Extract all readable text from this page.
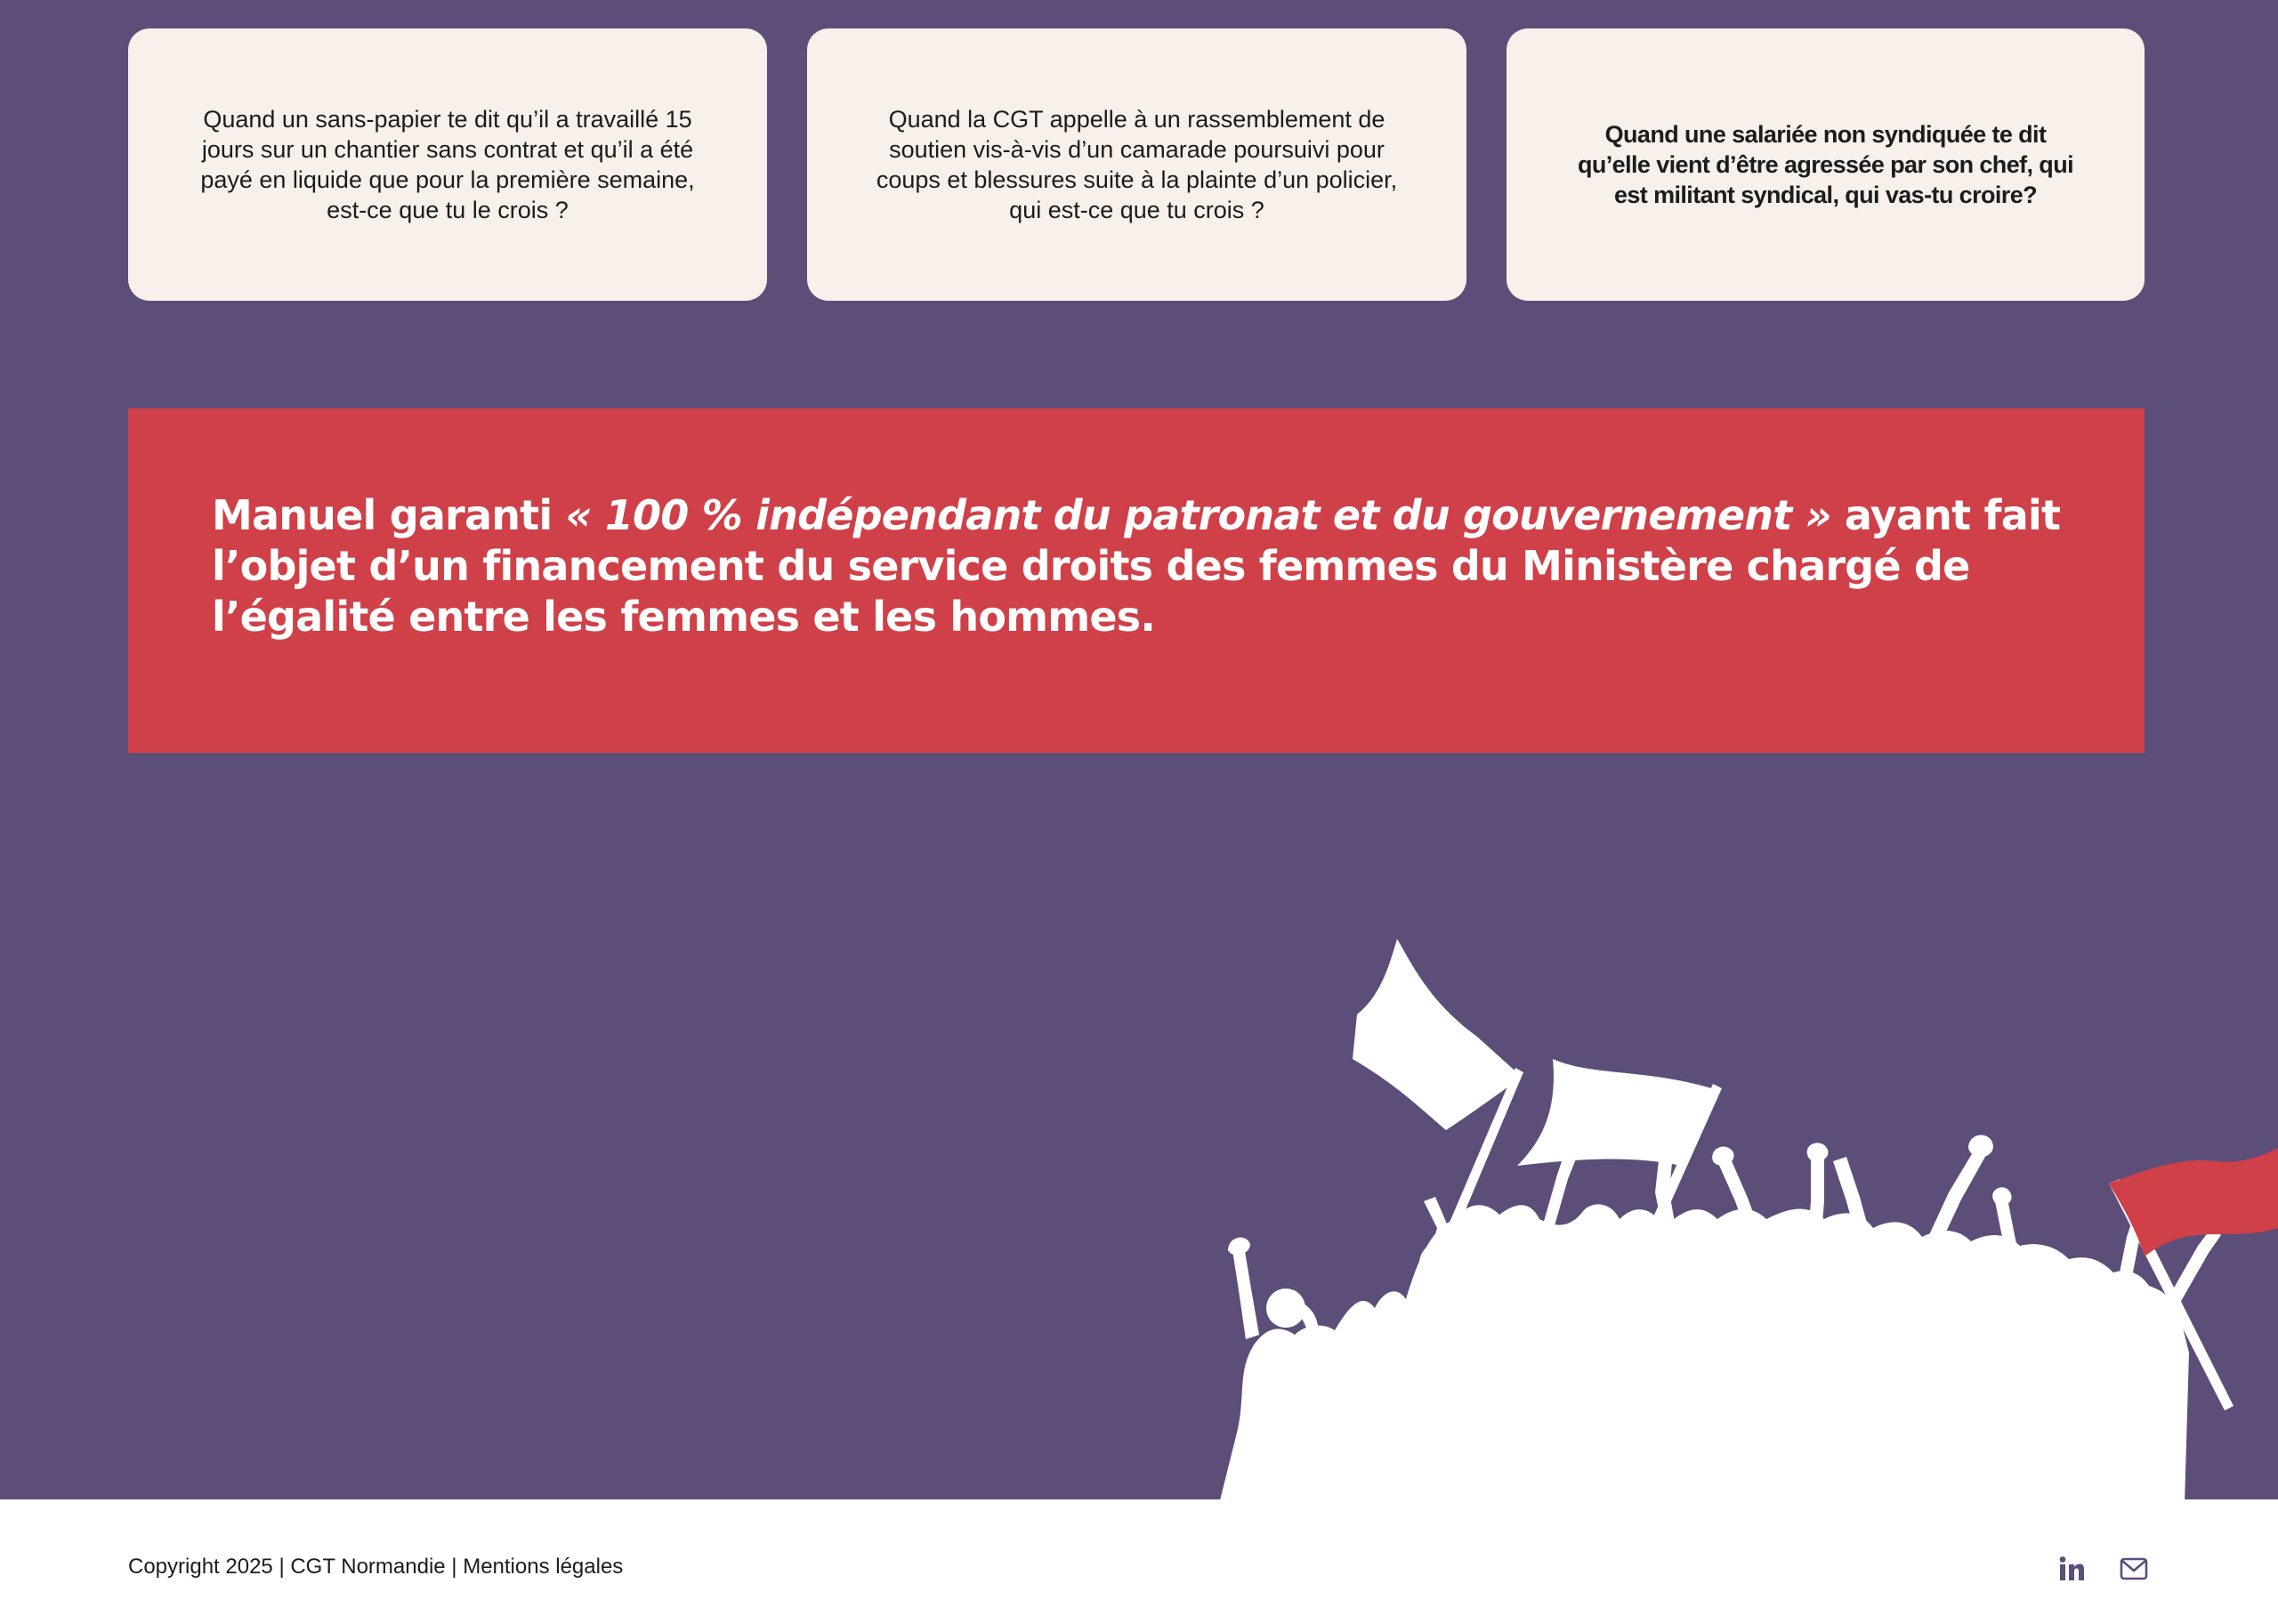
Quand un sans-papier te dit qu’il a travaillé 15 jours sur un chantier sans contrat et qu’il a été payé en liquide que pour la première semaine, est-ce que tu le crois ?

Quand la CGT appelle à un rassemblement de soutien vis-à-vis d’un camarade poursuivi pour coups et blessures suite à la plainte d’un policier, qui est-ce que tu crois ?

Quand une salariée non syndiquée te dit qu’elle vient d’être agressée par son chef, qui est militant syndical, qui vas-tu croire?

Manuel garanti « 100 % indépendant du patronat et du gouvernement » ayant fait l’objet d’un financement du service droits des femmes du Ministère chargé de l’égalité entre les femmes et les hommes.
Copyright 2025 | CGT Normandie | Mentions légales
